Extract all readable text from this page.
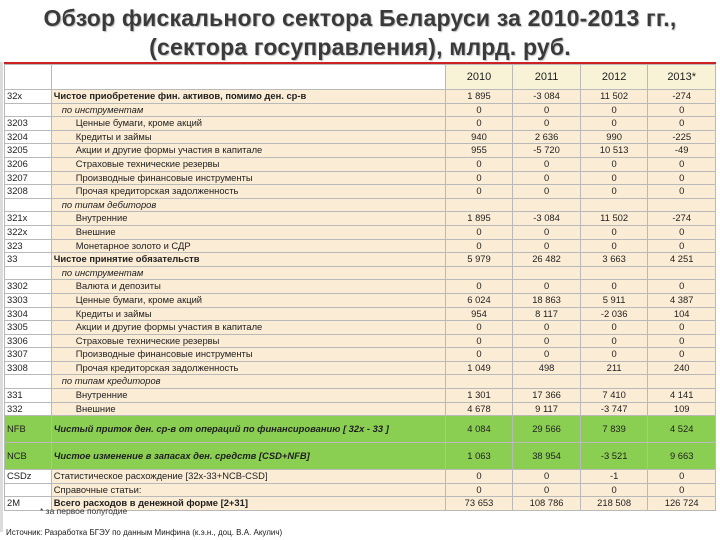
Обзор фискального сектора Беларуси за 2010-2013 гг.,
(сектора госуправления), млрд. руб.
		2010	2011	2012	2013*
32x	Чистое приобретение фин. активов, помимо ден. ср-в	1 895	-3 084	11 502	-274
	по инструментам	0	0	0	0
3203	Ценные бумаги, кроме акций	0	0	0	0
3204	Кредиты и займы	940	2 636	990	-225
3205	Акции и другие формы участия в капитале	955	-5 720	10 513	-49
3206	Страховые технические резервы	0	0	0	0
3207	Производные финансовые инструменты	0	0	0	0
3208	Прочая кредиторская задолженность	0	0	0	0
	по типам дебиторов				
321x	Внутренние	1 895	-3 084	11 502	-274
322x	Внешние	0	0	0	0
323	Монетарное золото и СДР	0	0	0	0
33	Чистое принятие обязательств	5 979	26 482	3 663	4 251
	по инструментам				
3302	Валюта и депозиты	0	0	0	0
3303	Ценные бумаги, кроме акций	6 024	18 863	5 911	4 387
3304	Кредиты и займы	954	8 117	-2 036	104
3305	Акции и другие формы участия в капитале	0	0	0	0
3306	Страховые технические резервы	0	0	0	0
3307	Производные финансовые инструменты	0	0	0	0
3308	Прочая кредиторская задолженность	1 049	498	211	240
	по типам кредиторов				
331	Внутренние	1 301	17 366	7 410	4 141
332	Внешние	4 678	9 117	-3 747	109
NFB	Чистый приток ден. ср-в от операций по финансированию [ 32x - 33 ]	4 084	29 566	7 839	4 524
NCB	Чистое изменение в запасах ден. средств [CSD+NFB]	1 063	38 954	-3 521	9 663
CSDz	Статистическое расхождение [32x-33+NCB-CSD]	0	0	-1	0
	Справочные статьи:	0	0	0	0
2M	Всего расходов в денежной форме [2+31]	73 653	108 786	218 508	126 724
* за первое полугодие
Источник: Разработка БГЭУ по данным Минфина (к.э.н., доц. В.А. Акулич)
